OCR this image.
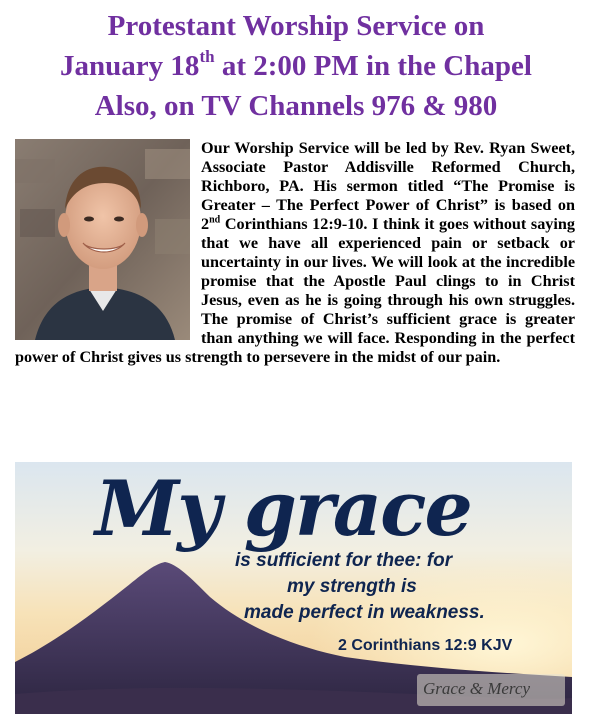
Protestant Worship Service on
January 18th at 2:00 PM in the Chapel
Also, on TV Channels 976 & 980
Our Worship Service will be led by Rev. Ryan Sweet, Associate Pastor Addisville Reformed Church, Richboro, PA. His sermon titled “The Promise is Greater – The Perfect Power of Christ” is based on 2nd Corinthians 12:9-10. I think it goes without saying that we have all experienced pain or setback or uncertainty in our lives. We will look at the incredible promise that the Apostle Paul clings to in Christ Jesus, even as he is going through his own struggles. The promise of Christ’s sufficient grace is greater than anything we will face. Responding in the perfect power of Christ gives us strength to persevere in the midst of our pain.
My grace
is sufficient for thee: for
my strength is
made perfect in weakness.
2 Corinthians 12:9 KJV
Grace & Mercy
